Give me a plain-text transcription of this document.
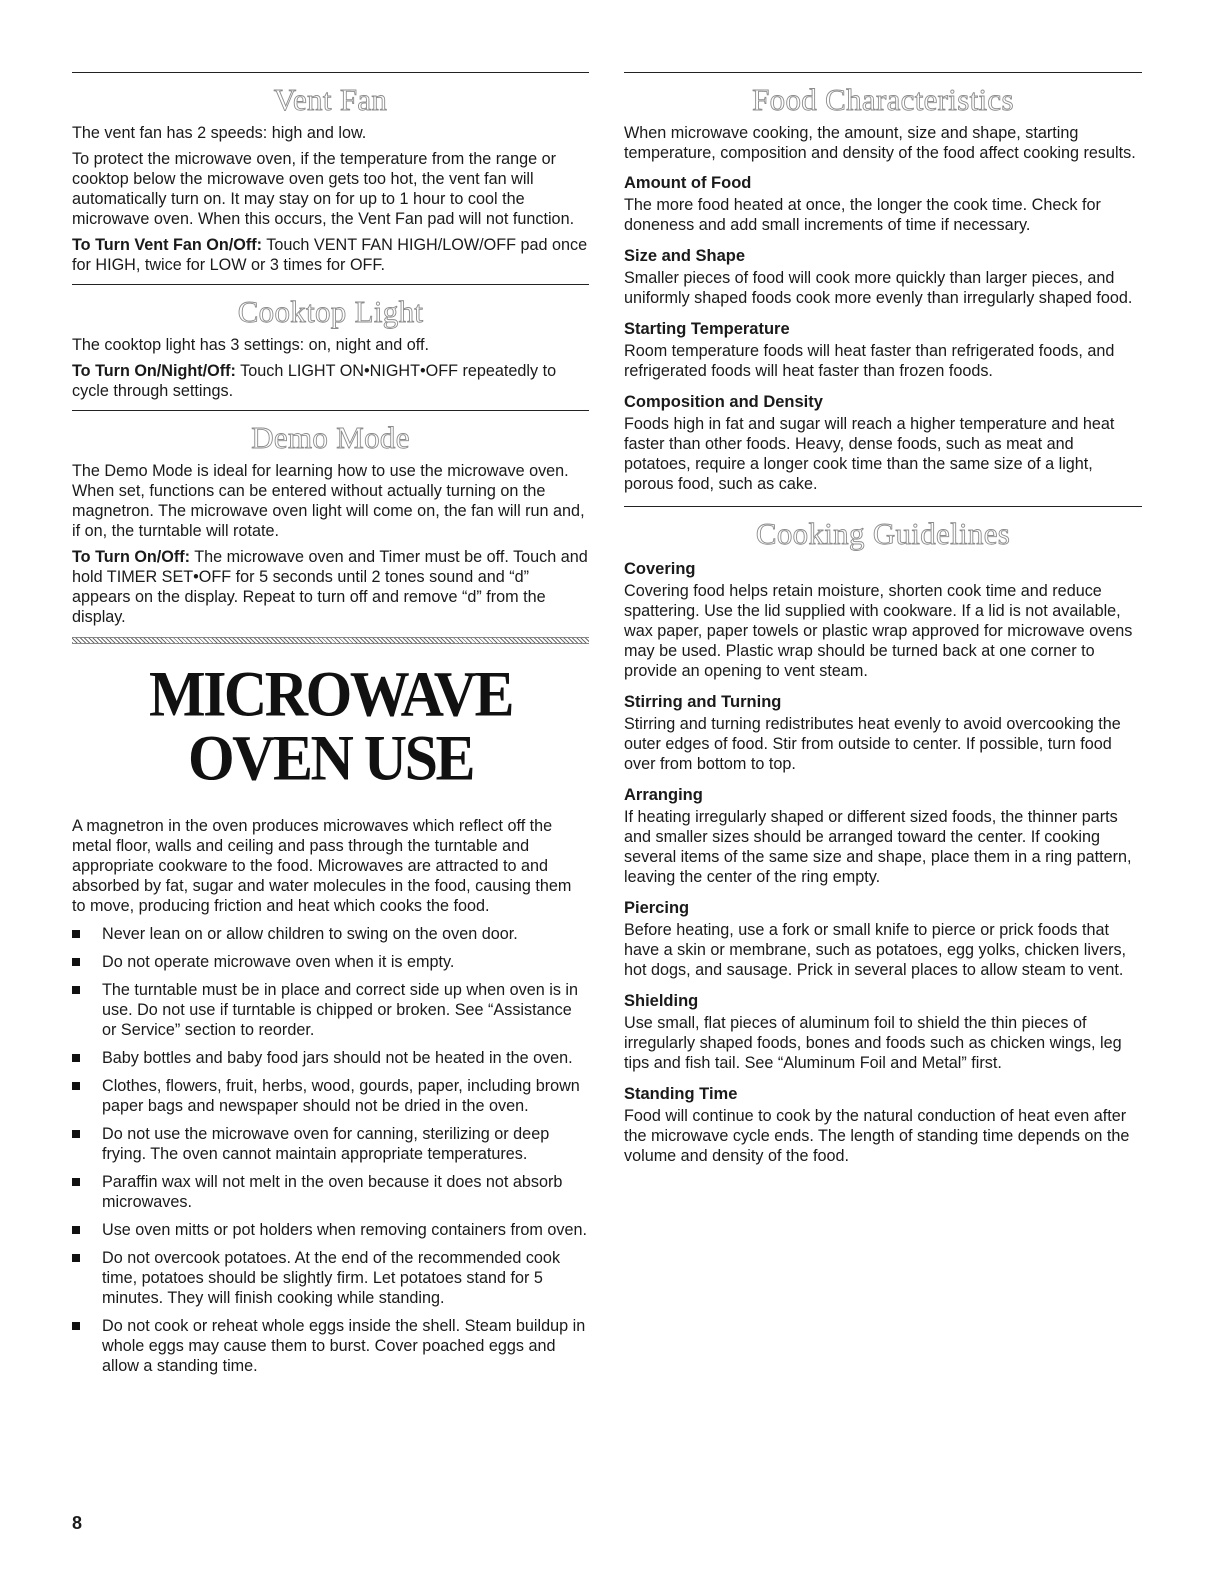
Vent Fan

The vent fan has 2 speeds: high and low.

To protect the microwave oven, if the temperature from the range or cooktop below the microwave oven gets too hot, the vent fan will automatically turn on. It may stay on for up to 1 hour to cool the microwave oven. When this occurs, the Vent Fan pad will not function.

To Turn Vent Fan On/Off: Touch VENT FAN HIGH/LOW/OFF pad once for HIGH, twice for LOW or 3 times for OFF.

Cooktop Light

The cooktop light has 3 settings: on, night and off.

To Turn On/Night/Off: Touch LIGHT ON•NIGHT•OFF repeatedly to cycle through settings.

Demo Mode

The Demo Mode is ideal for learning how to use the microwave oven. When set, functions can be entered without actually turning on the magnetron. The microwave oven light will come on, the fan will run and, if on, the turntable will rotate.

To Turn On/Off: The microwave oven and Timer must be off. Touch and hold TIMER SET•OFF for 5 seconds until 2 tones sound and “d” appears on the display. Repeat to turn off and remove “d” from the display.

MICROWAVE OVEN USE

A magnetron in the oven produces microwaves which reflect off the metal floor, walls and ceiling and pass through the turntable and appropriate cookware to the food. Microwaves are attracted to and absorbed by fat, sugar and water molecules in the food, causing them to move, producing friction and heat which cooks the food.

Never lean on or allow children to swing on the oven door.

Do not operate microwave oven when it is empty.

The turntable must be in place and correct side up when oven is in use. Do not use if turntable is chipped or broken. See “Assistance or Service” section to reorder.

Baby bottles and baby food jars should not be heated in the oven.

Clothes, flowers, fruit, herbs, wood, gourds, paper, including brown paper bags and newspaper should not be dried in the oven.

Do not use the microwave oven for canning, sterilizing or deep frying. The oven cannot maintain appropriate temperatures.

Paraffin wax will not melt in the oven because it does not absorb microwaves.

Use oven mitts or pot holders when removing containers from oven.

Do not overcook potatoes. At the end of the recommended cook time, potatoes should be slightly firm. Let potatoes stand for 5 minutes. They will finish cooking while standing.

Do not cook or reheat whole eggs inside the shell. Steam buildup in whole eggs may cause them to burst. Cover poached eggs and allow a standing time.

Food Characteristics

When microwave cooking, the amount, size and shape, starting temperature, composition and density of the food affect cooking results.

Amount of Food

The more food heated at once, the longer the cook time. Check for doneness and add small increments of time if necessary.

Size and Shape

Smaller pieces of food will cook more quickly than larger pieces, and uniformly shaped foods cook more evenly than irregularly shaped food.

Starting Temperature

Room temperature foods will heat faster than refrigerated foods, and refrigerated foods will heat faster than frozen foods.

Composition and Density

Foods high in fat and sugar will reach a higher temperature and heat faster than other foods. Heavy, dense foods, such as meat and potatoes, require a longer cook time than the same size of a light, porous food, such as cake.

Cooking Guidelines
Covering

Covering food helps retain moisture, shorten cook time and reduce spattering. Use the lid supplied with cookware. If a lid is not available, wax paper, paper towels or plastic wrap approved for microwave ovens may be used. Plastic wrap should be turned back at one corner to provide an opening to vent steam.

Stirring and Turning

Stirring and turning redistributes heat evenly to avoid overcooking the outer edges of food. Stir from outside to center. If possible, turn food over from bottom to top.

Arranging

If heating irregularly shaped or different sized foods, the thinner parts and smaller sizes should be arranged toward the center. If cooking several items of the same size and shape, place them in a ring pattern, leaving the center of the ring empty.

Piercing

Before heating, use a fork or small knife to pierce or prick foods that have a skin or membrane, such as potatoes, egg yolks, chicken livers, hot dogs, and sausage. Prick in several places to allow steam to vent.

Shielding

Use small, flat pieces of aluminum foil to shield the thin pieces of irregularly shaped foods, bones and foods such as chicken wings, leg tips and fish tail. See “Aluminum Foil and Metal” first.

Standing Time

Food will continue to cook by the natural conduction of heat even after the microwave cycle ends. The length of standing time depends on the volume and density of the food.

8
